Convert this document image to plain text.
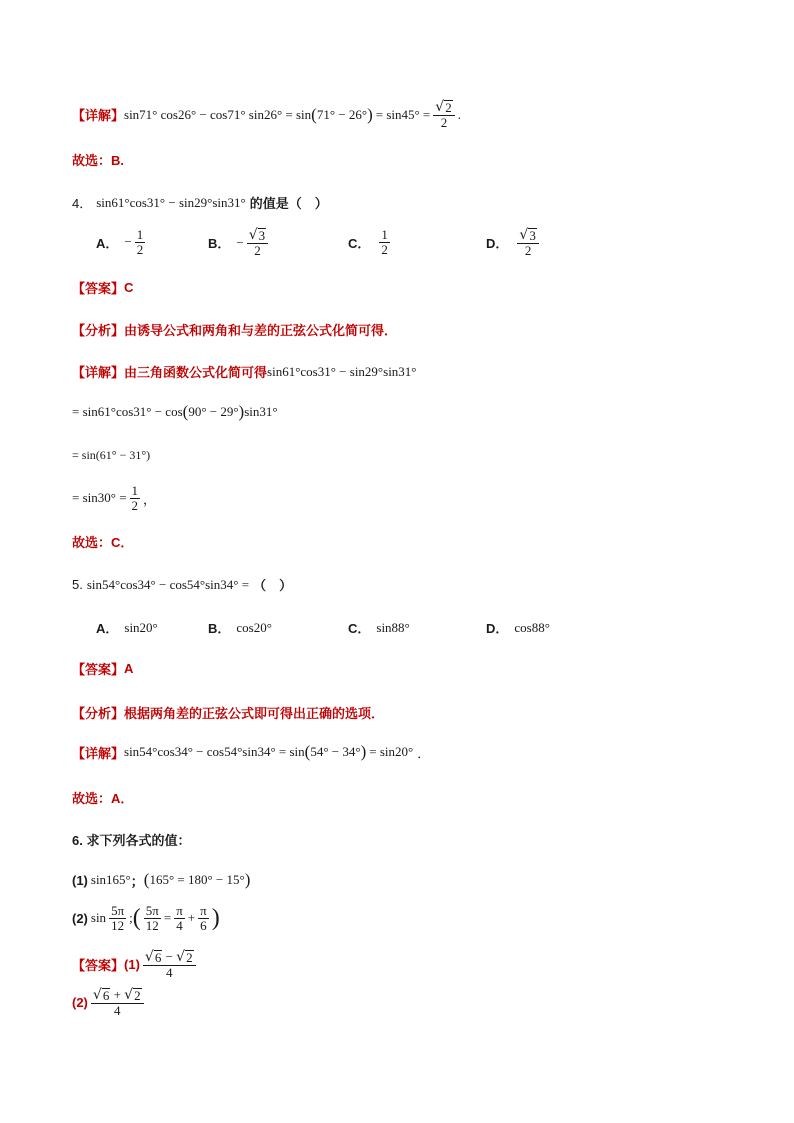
【详解】 sin71° cos26° − cos71° sin26° = sin ( 71° − 26° ) = $\sin 45^\circ = \frac{√ 2}{2}$ .
故选：B.
4． sin61°cos31° − sin29°sin31° 的值是（　）
A． − $\frac{1}{2}$	B． − $\frac{√ 3}{2}$	C． $\frac{1}{2}$	D． $\frac{√ 3}{2}$
【答案】 C
【分析】 由诱导公式和两角和与差的正弦公式化简可得．
【详解】 由三角函数公式化简可得 sin61°cos31° − sin29°sin31°
= sin61°cos31° − cos ( 90° − 29° ) sin31°
= sin(61° − 31°)
= $\sin 30^\circ = \frac{1}{2}$ ，
故选：C．
5. sin54°cos34° − cos54°sin34° = （　）
A． sin20°	B． cos20°	C． sin88°	D． cos88°
【答案】 A
【分析】 根据两角差的正弦公式即可得出正确的选项．
【详解】 sin54°cos34° − cos54°sin34° = sin ( 54° − 34° ) = sin20° ．
故选：A．
6. 求下列各式的值：
(1) sin165° ； ( 165° = 180° − 15° )
(2) $\sin \frac{5\pi}{12}$ ; ( $\frac{5\pi}{12} = \frac{\pi}{4} + \frac{\pi}{6}$ )
【答案】 $(1) \frac{√ 6 - √ 2}{4}$
$(2) \frac{√ 6 + √ 2}{4}$
